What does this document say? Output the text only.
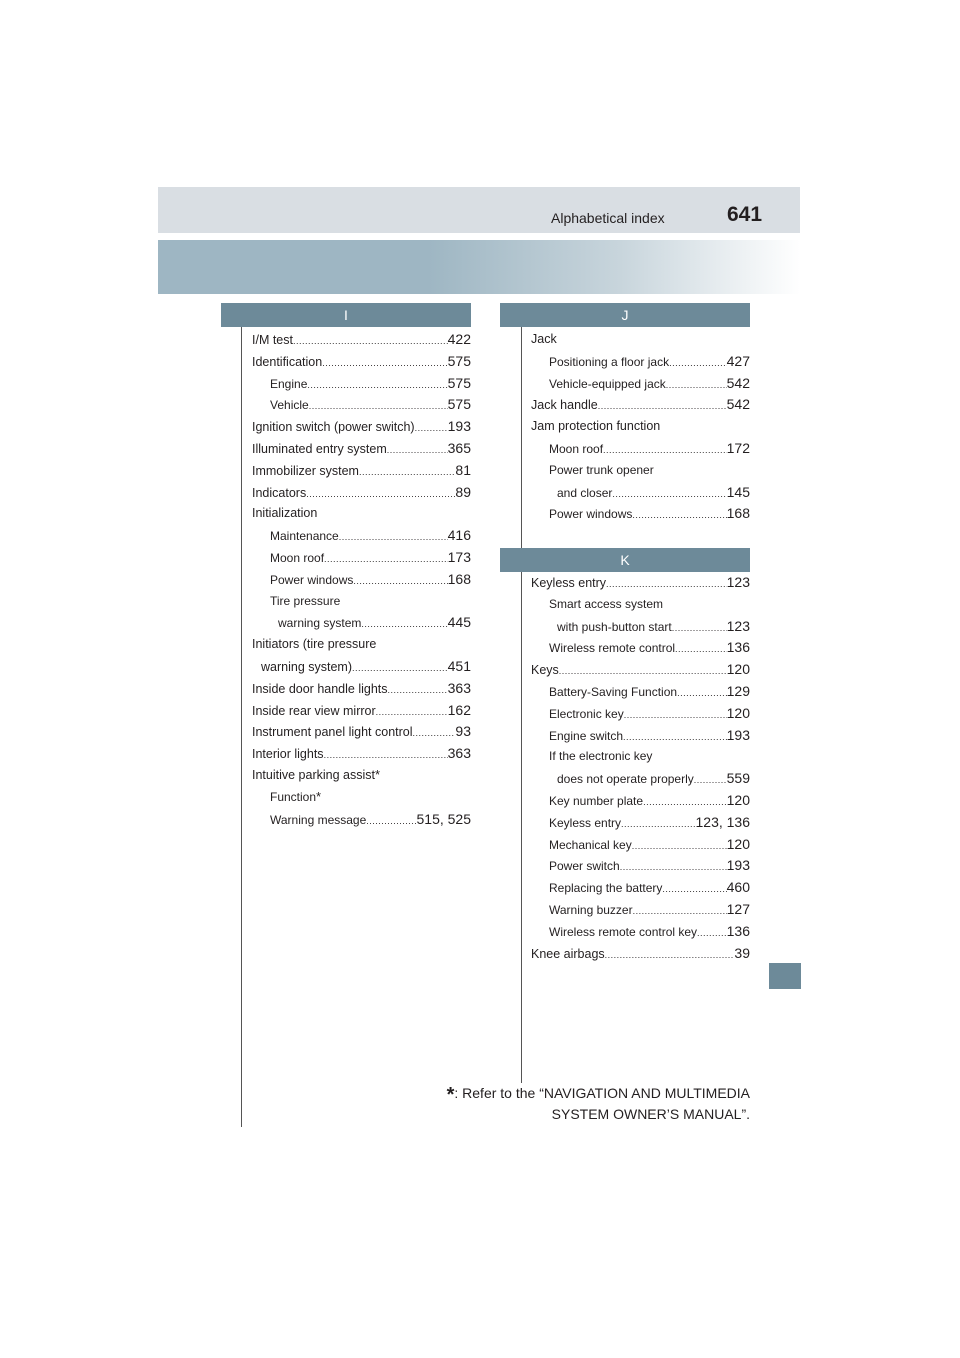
Alphabetical index	641
I	J
K
I/M test .....	422
Identification .....	575
Engine .....	575
Vehicle .....	575
Ignition switch (power switch) ..... 193
Illuminated entry system .....	365
Immobilizer system .....	81
Indicators .....	89
Initialization
Maintenance .....	416
Moon roof .....	173
Power windows .....	168
Tire pressure
warning system .....	445
Initiators (tire pressure
warning system) .....	451
Inside door handle lights .....	363
Inside rear view mirror .....	162
Instrument panel light control .....	93
Interior lights .....	363
Intuitive parking assist *
Function *
Warning message .....	515, 525
Jack
Positioning a floor jack .....	427
Vehicle-equipped jack .....	542
Jack handle .....	542
Jam protection function
Moon roof .....	172
Power trunk opener
and closer .....	145
Power windows .....	168
Keyless entry .....	123
Smart access system
with push-button start .....	123
Wireless remote control .....	136
Keys .....	120
Battery-Saving Function .....	129
Electronic key .....	120
Engine switch .....	193
If the electronic key
does not operate properly ..... 559
Key number plate .....	120
Keyless entry .....	123, 136
Mechanical key .....	120
Power switch .....	193
Replacing the battery .....	460
Warning buzzer .....	127
Wireless remote control key ..... 136
Knee airbags .....	39
*: Refer to the “NAVIGATION AND MULTIMEDIA
SYSTEM OWNER’S MANUAL”.
